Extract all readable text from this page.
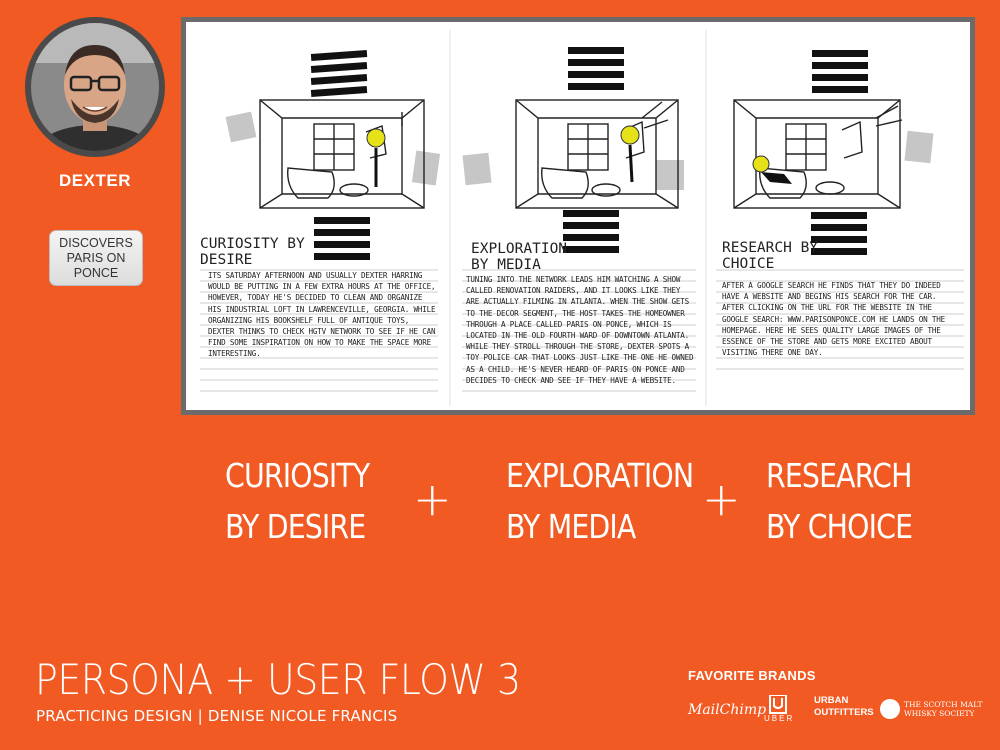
DEXTER
DISCOVERS PARIS ON PONCE
CURIOSITY BY DESIRE
ITS SATURDAY AFTERNOON AND USUALLY DEXTER HARRING WOULD BE PUTTING IN A FEW EXTRA HOURS AT THE OFFICE, HOWEVER, TODAY HE'S DECIDED TO CLEAN AND ORGANIZE HIS INDUSTRIAL LOFT IN LAWRENCEVILLE, GEORGIA. WHILE ORGANIZING HIS BOOKSHELF FULL OF ANTIQUE TOYS, DEXTER THINKS TO CHECK HGTV NETWORK TO SEE IF HE CAN FIND SOME INSPIRATION ON HOW TO MAKE THE SPACE MORE INTERESTING.
EXPLORATION BY MEDIA
TUNING INTO THE NETWORK LEADS HIM WATCHING A SHOW CALLED RENOVATION RAIDERS, AND IT LOOKS LIKE THEY ARE ACTUALLY FILMING IN ATLANTA. WHEN THE SHOW GETS TO THE DECOR SEGMENT, THE HOST TAKES THE HOMEOWNER THROUGH A PLACE CALLED PARIS ON PONCE, WHICH IS LOCATED IN THE OLD FOURTH WARD OF DOWNTOWN ATLANTA. WHILE THEY STROLL THROUGH THE STORE, DEXTER SPOTS A TOY POLICE CAR THAT LOOKS JUST LIKE THE ONE HE OWNED AS A CHILD. HE'S NEVER HEARD OF PARIS ON PONCE AND DECIDES TO CHECK AND SEE IF THEY HAVE A WEBSITE.
RESEARCH BY CHOICE
AFTER A GOOGLE SEARCH HE FINDS THAT THEY DO INDEED HAVE A WEBSITE AND BEGINS HIS SEARCH FOR THE CAR. AFTER CLICKING ON THE URL FOR THE WEBSITE IN THE GOOGLE SEARCH: WWW.PARISONPONCE.COM HE LANDS ON THE HOMEPAGE. HERE HE SEES QUALITY LARGE IMAGES OF THE ESSENCE OF THE STORE AND GETS MORE EXCITED ABOUT VISITING THERE ONE DAY.
CURIOSITY
BY DESIRE
+ EXPLORATION
BY MEDIA
+ RESEARCH
BY CHOICE
PERSONA + USER FLOW 3
PRACTICING DESIGN | DENISE NICOLE FRANCIS
FAVORITE BRANDS
MailChimp
UBER
URBAN
OUTFITTERS
THE SCOTCH MALT
WHISKY SOCIETY
